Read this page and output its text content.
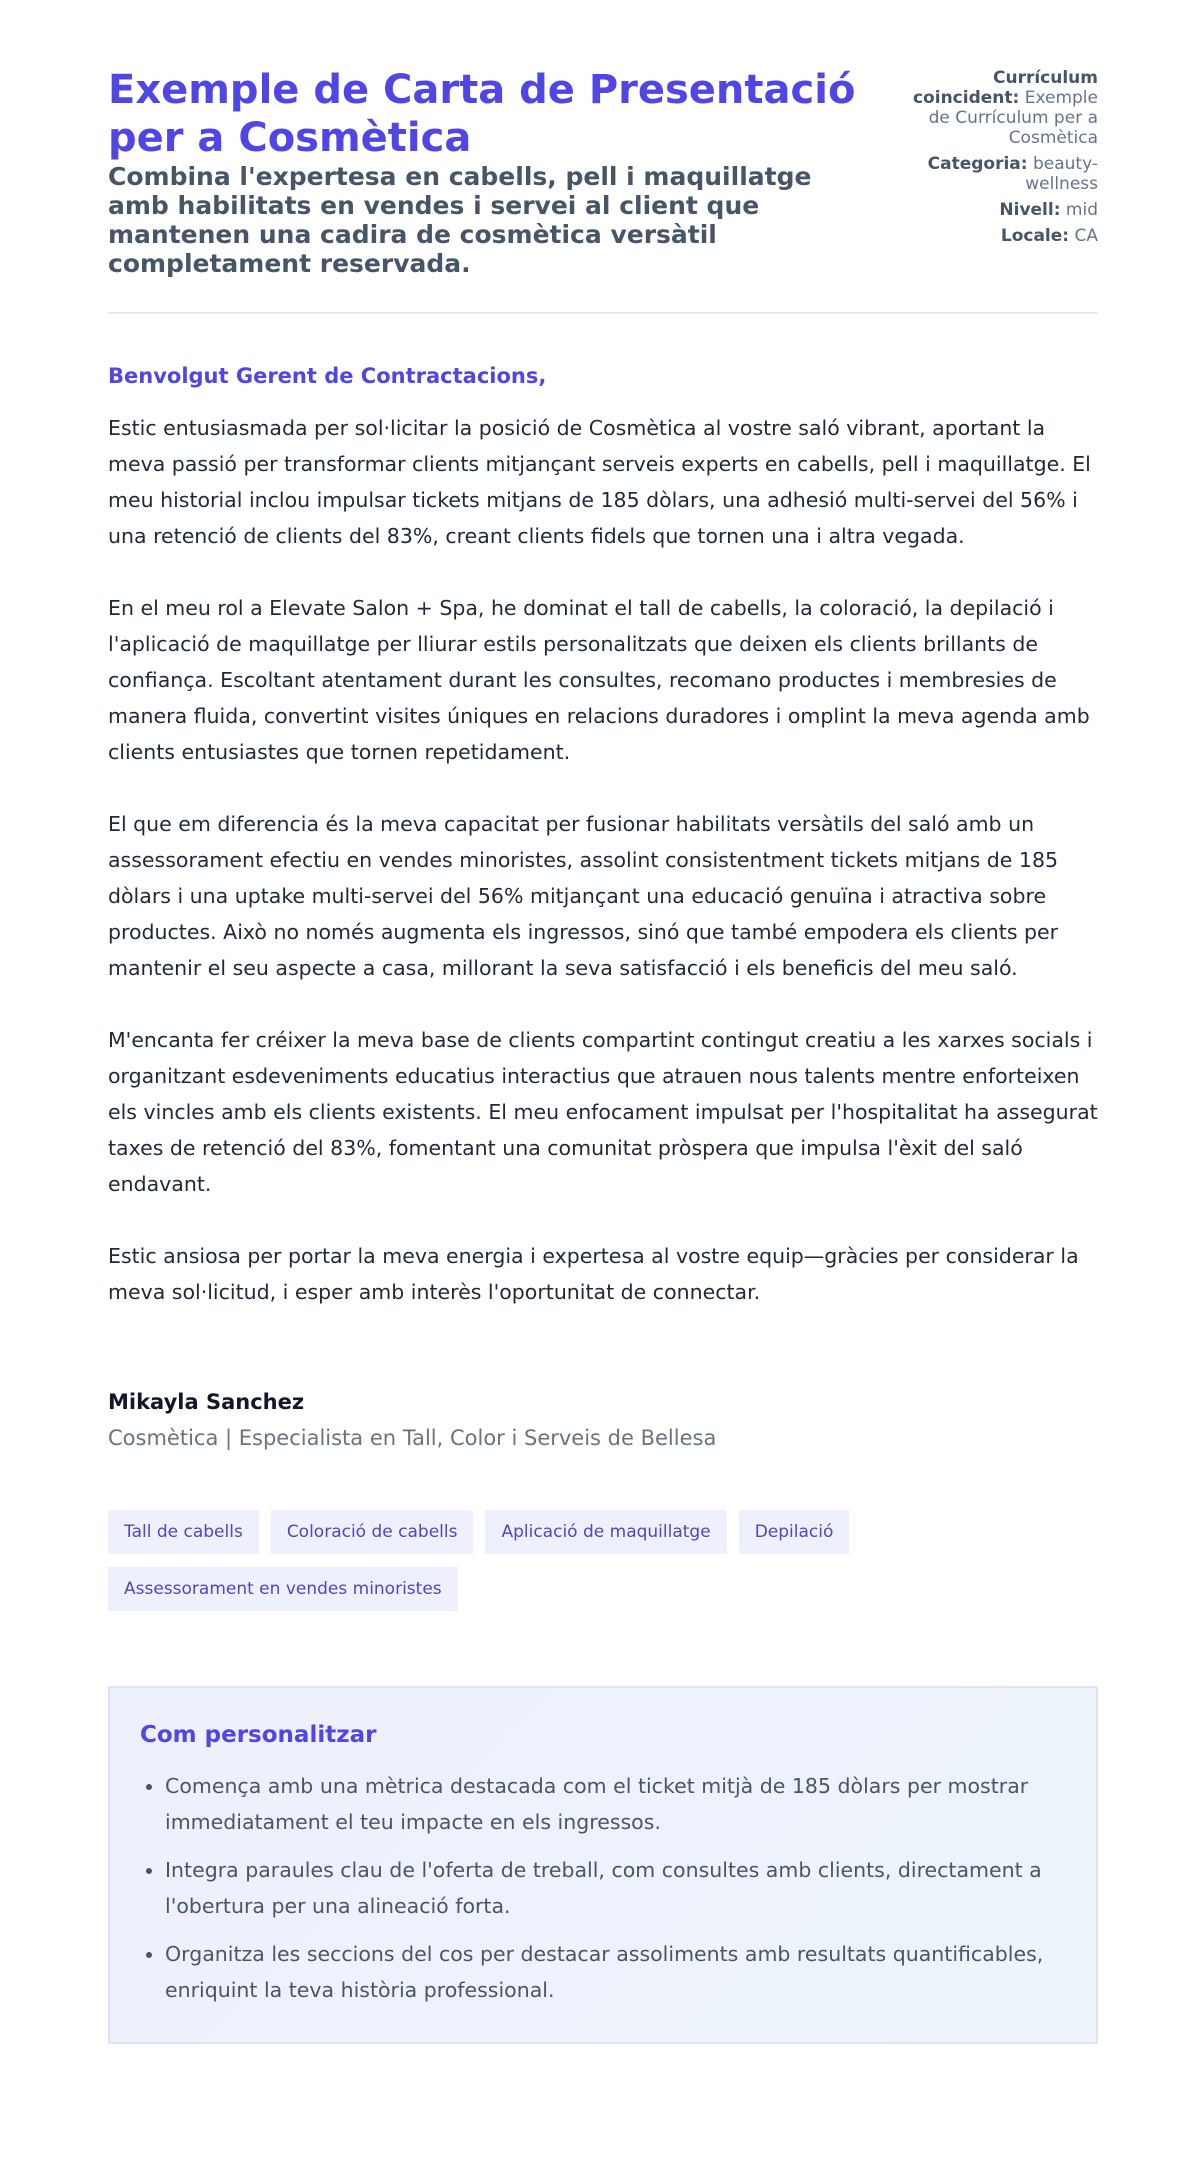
Exemple de Carta de Presentació per a Cosmètica
Combina l'expertesa en cabells, pell i maquillatge amb habilitats en vendes i servei al client que mantenen una cadira de cosmètica versàtil completament reservada.
Currículum coincident: Exemple de Currículum per a Cosmètica
Categoria: beauty-wellness
Nivell: mid
Locale: CA

Benvolgut Gerent de Contractacions,

Estic entusiasmada per sol·licitar la posició de Cosmètica al vostre saló vibrant, aportant la meva passió per transformar clients mitjançant serveis experts en cabells, pell i maquillatge. El meu historial inclou impulsar tickets mitjans de 185 dòlars, una adhesió multi-servei del 56% i una retenció de clients del 83%, creant clients fidels que tornen una i altra vegada.

En el meu rol a Elevate Salon + Spa, he dominat el tall de cabells, la coloració, la depilació i l'aplicació de maquillatge per lliurar estils personalitzats que deixen els clients brillants de confiança. Escoltant atentament durant les consultes, recomano productes i membresies de manera fluida, convertint visites úniques en relacions duradores i omplint la meva agenda amb clients entusiastes que tornen repetidament.

El que em diferencia és la meva capacitat per fusionar habilitats versàtils del saló amb un assessorament efectiu en vendes minoristes, assolint consistentment tickets mitjans de 185 dòlars i una uptake multi-servei del 56% mitjançant una educació genuïna i atractiva sobre productes. Això no només augmenta els ingressos, sinó que també empodera els clients per mantenir el seu aspecte a casa, millorant la seva satisfacció i els beneficis del meu saló.

M'encanta fer créixer la meva base de clients compartint contingut creatiu a les xarxes socials i organitzant esdeveniments educatius interactius que atrauen nous talents mentre enforteixen els vincles amb els clients existents. El meu enfocament impulsat per l'hospitalitat ha assegurat taxes de retenció del 83%, fomentant una comunitat pròspera que impulsa l'èxit del saló endavant.

Estic ansiosa per portar la meva energia i expertesa al vostre equip—gràcies per considerar la meva sol·licitud, i esper amb interès l'oportunitat de connectar.

Mikayla Sanchez
Cosmètica | Especialista en Tall, Color i Serveis de Bellesa
Tall de cabells	Coloració de cabells	Aplicació de maquillatge	Depilació
Assessorament en vendes minoristes
Com personalitzar
• Comença amb una mètrica destacada com el ticket mitjà de 185 dòlars per mostrar immediatament el teu impacte en els ingressos.
• Integra paraules clau de l'oferta de treball, com consultes amb clients, directament a l'obertura per una alineació forta.
• Organitza les seccions del cos per destacar assoliments amb resultats quantificables, enriquint la teva història professional.
